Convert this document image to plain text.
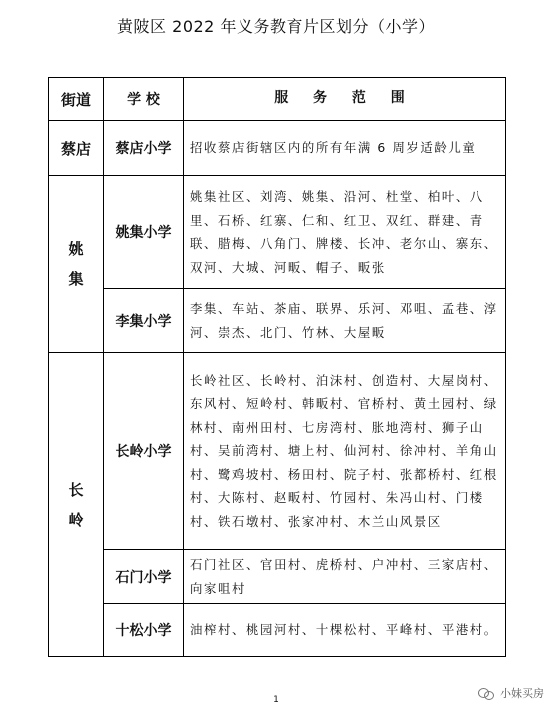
黄陂区 2022 年义务教育片区划分（小学）
街道	学 校	服 务 范 围
蔡店	蔡店小学	招收蔡店街辖区内的所有年满 6 周岁适龄儿童
姚集	姚集小学	姚集社区、刘湾、姚集、沿河、杜堂、柏叶、八里、石桥、红寨、仁和、红卫、双红、群建、青联、腊梅、八角门、牌楼、长冲、老尔山、寨东、双河、大城、河畈、帽子、畈张
	李集小学	李集、车站、茶庙、联界、乐河、邓咀、孟巷、淳河、崇杰、北门、竹林、大屋畈
长岭	长岭小学	长岭社区、长岭村、泊沫村、创造村、大屋岗村、东风村、短岭村、韩畈村、官桥村、黄土园村、绿林村、南州田村、七房湾村、胀地湾村、狮子山村、吴前湾村、塘上村、仙河村、徐冲村、羊角山村、鹭鸡坡村、杨田村、院子村、张都桥村、红根村、大陈村、赵畈村、竹园村、朱冯山村、门楼村、铁石墩村、张家冲村、木兰山风景区
	石门小学	石门社区、官田村、虎桥村、户冲村、三家店村、向家咀村
	十松小学	油榨村、桃园河村、十棵松村、平峰村、平港村。
1	小妹买房
